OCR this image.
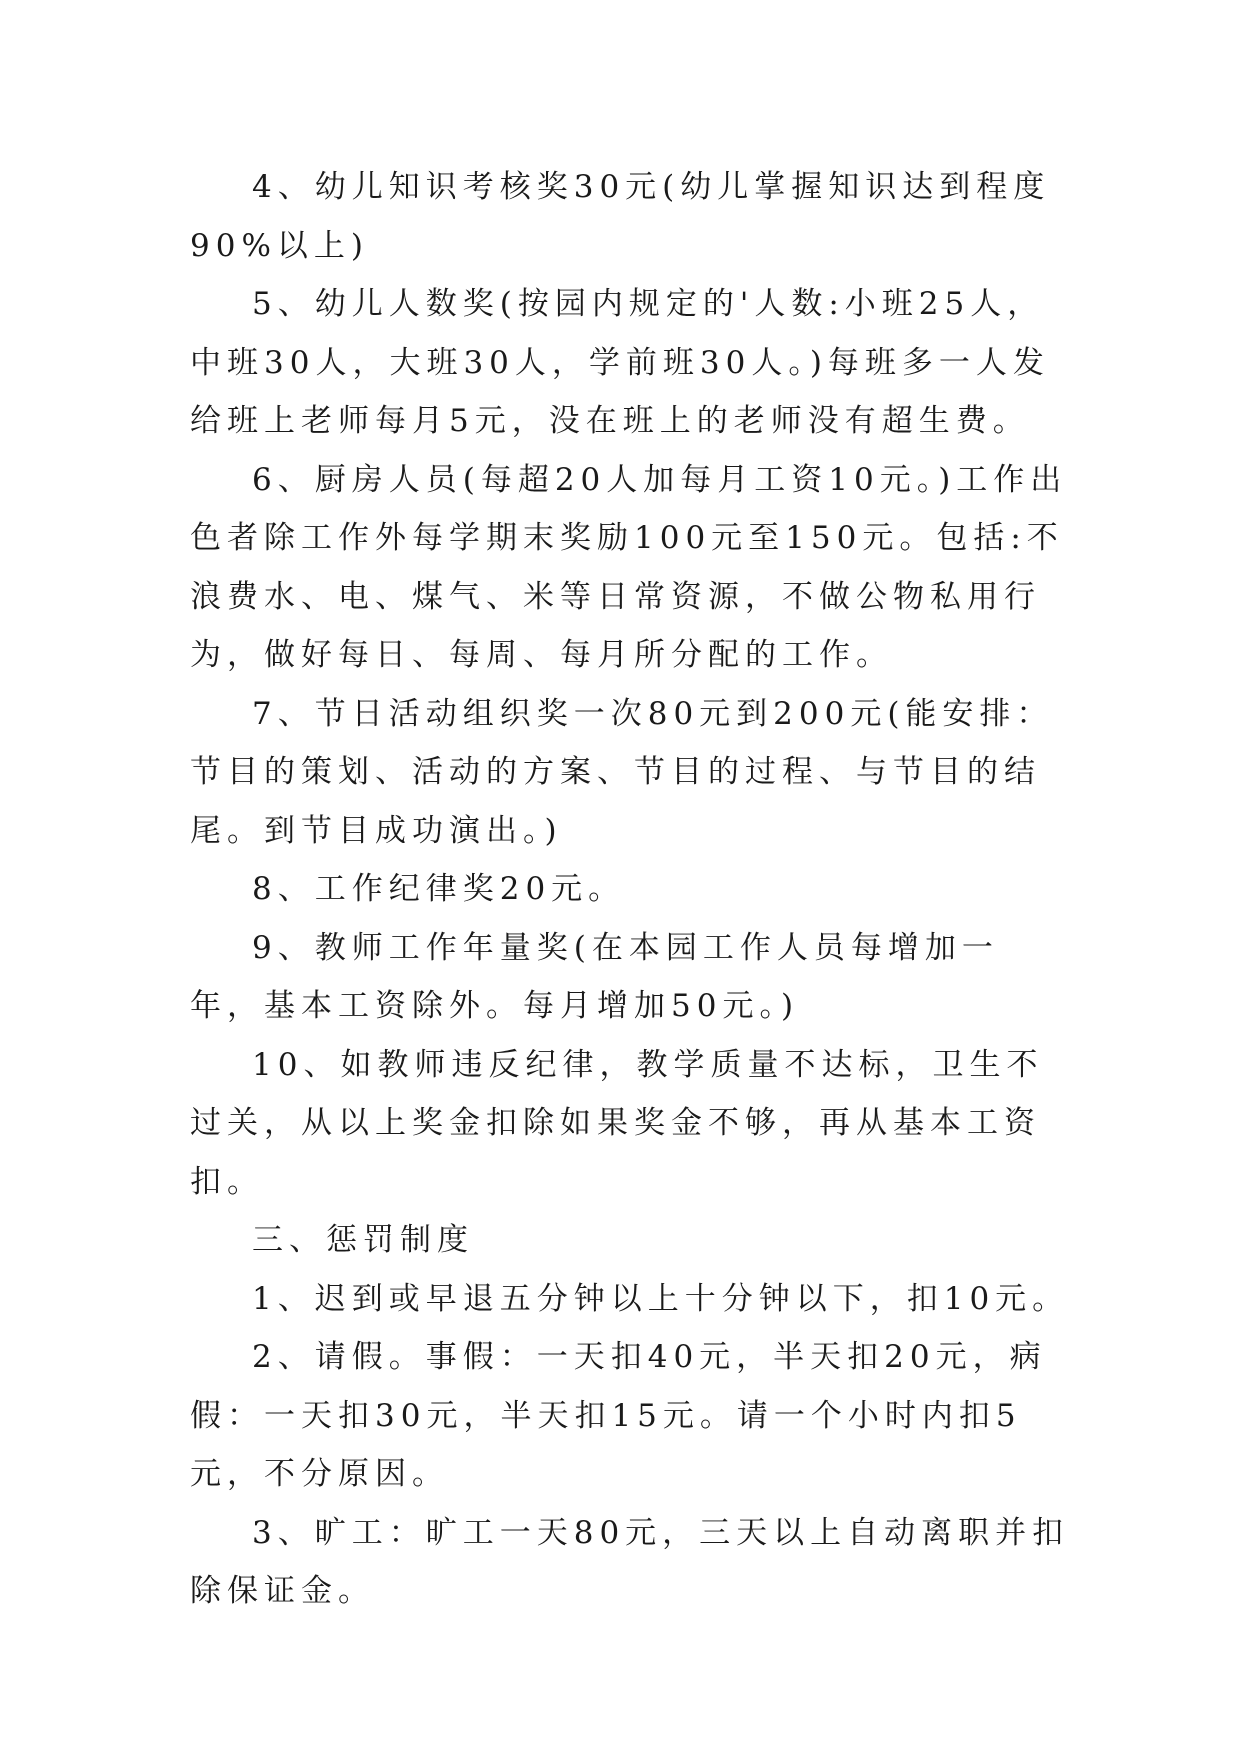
4、幼儿知识考核奖30元(幼儿掌握知识达到程度90%以上)

5、幼儿人数奖(按园内规定的'人数:小班25人，中班30人，大班30人，学前班30人。)每班多一人发给班上老师每月5元，没在班上的老师没有超生费。

6、厨房人员(每超20人加每月工资10元。)工作出色者除工作外每学期末奖励100元至150元。包括:不浪费水、电、煤气、米等日常资源，不做公物私用行为，做好每日、每周、每月所分配的工作。

7、节日活动组织奖一次80元到200元(能安排：节目的策划、活动的方案、节目的过程、与节目的结尾。到节目成功演出。)

8、工作纪律奖20元。

9、教师工作年量奖(在本园工作人员每增加一年，基本工资除外。每月增加50元。)

10、如教师违反纪律，教学质量不达标，卫生不过关，从以上奖金扣除如果奖金不够，再从基本工资扣。

三、惩罚制度

1、迟到或早退五分钟以上十分钟以下，扣10元。

2、请假。事假：一天扣40元，半天扣20元，病假：一天扣30元，半天扣15元。请一个小时内扣5元，不分原因。

3、旷工：旷工一天80元，三天以上自动离职并扣除保证金。
